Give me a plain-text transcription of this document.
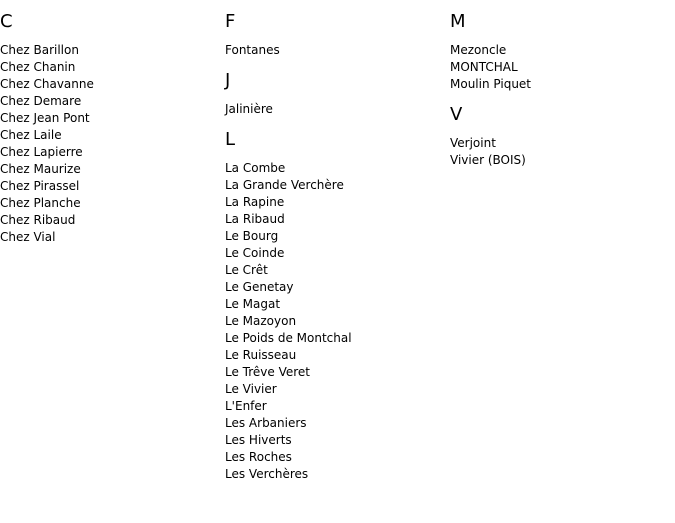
C
Chez Barillon
Chez Chanin
Chez Chavanne
Chez Demare
Chez Jean Pont
Chez Laile
Chez Lapierre
Chez Maurize
Chez Pirassel
Chez Planche
Chez Ribaud
Chez Vial
F
Fontanes
J
Jalinière
L
La Combe
La Grande Verchère
La Rapine
La Ribaud
Le Bourg
Le Coinde
Le Crêt
Le Genetay
Le Magat
Le Mazoyon
Le Poids de Montchal
Le Ruisseau
Le Trêve Veret
Le Vivier
L'Enfer
Les Arbaniers
Les Hiverts
Les Roches
Les Verchères
M
Mezoncle
MONTCHAL
Moulin Piquet
V
Verjoint
Vivier (BOIS)
